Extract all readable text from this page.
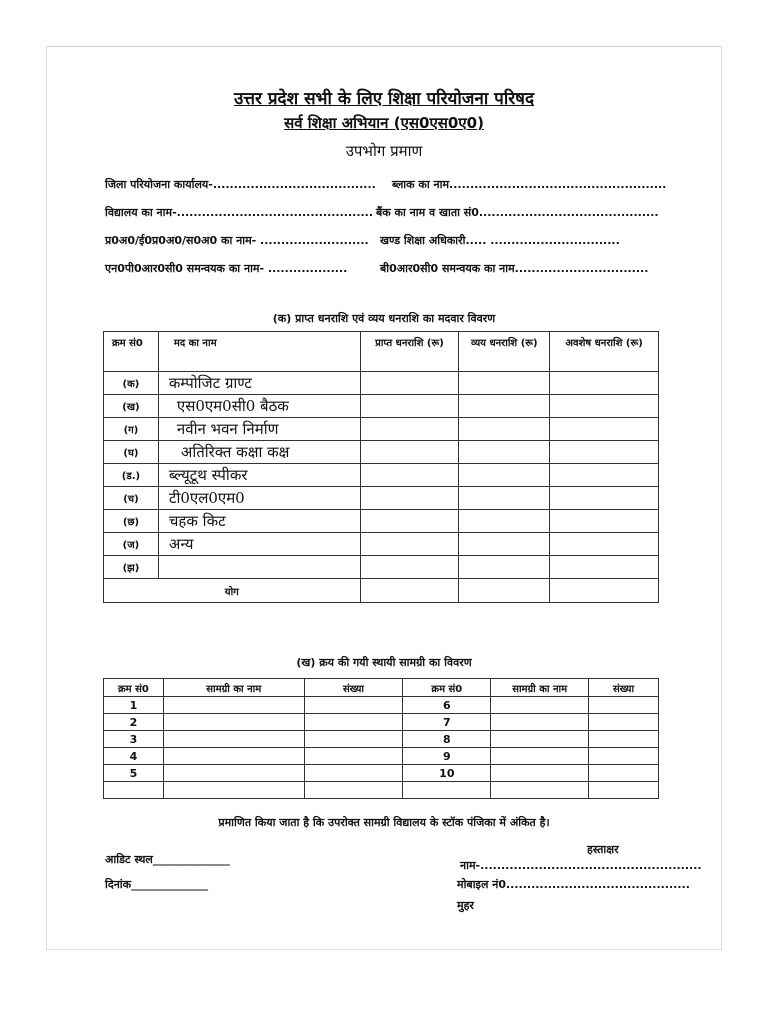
उत्तर प्रदेश सभी के लिए शिक्षा परियोजना परिषद
सर्व शिक्षा अभियान (एस0एस0ए0)
उपभोग प्रमाण
जिला परियोजना कार्यालय-....................................... ब्लाक का नाम....................................................
विद्यालय का नाम-............................................... बैंक का नाम व खाता सं0...........................................
प्र0अ0/ई0प्र0अ0/स0अ0 का नाम- .......................... खण्ड शिक्षा अधिकारी..... ...............................
एन0पी0आर0सी0 समन्वयक का नाम- ...................	बी0आर0सी0 समन्वयक का नाम................................
(क) प्राप्त धनराशि एवं व्यय धनराशि का मदवार विवरण
क्रम सं0	मद का नाम	प्राप्त धनराशि (रू)	व्यय धनराशि (रू)	अवशेष धनराशि (रू)
(क)	कम्पोजिट ग्राण्ट			
(ख)	एस0एम0सी0 बैठक			
(ग)	नवीन भवन निर्माण			
(घ)	अतिरिक्त कक्षा कक्ष			
(ड.)	ब्ल्यूटूथ स्पीकर			
(च)	टी0एल0एम0			
(छ)	चहक किट			
(ज)	अन्य			
(झ)				
योग				
(ख) क्रय की गयी स्थायी सामग्री का विवरण
क्रम सं0	सामग्री का नाम	संख्या	क्रम सं0	सामग्री का नाम	संख्या
1			6		
2			7		
3			8		
4			9		
5			10		

प्रमाणित किया जाता है कि उपरोक्त सामग्री विद्यालय के स्टॉक पंजिका में अंकित है।
हस्ताक्षर
आडिट स्थल______________	नाम-.....................................................
दिनांक______________	मोबाइल नं0............................................
मुहर
